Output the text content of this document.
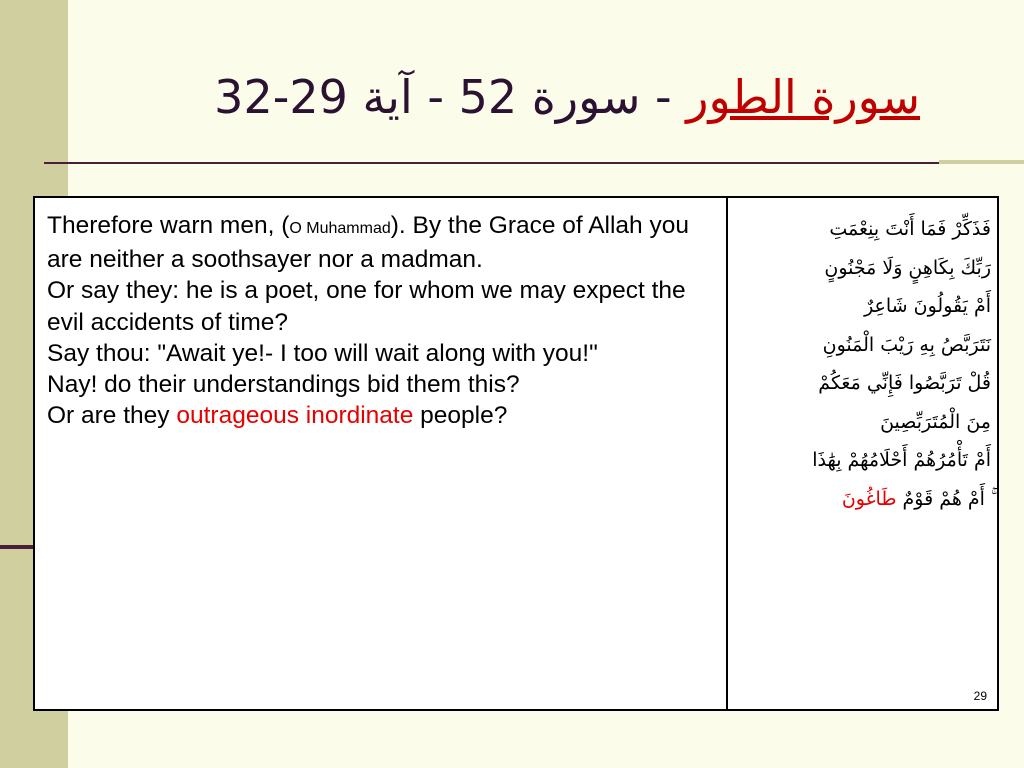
سورة الطور - سورة 52 - آية 29-32

Therefore warn men, (O Muhammad). By the Grace of Allah you are neither a soothsayer nor a madman.

Or say they: he is a poet, one for whom we may expect the evil accidents of time?

Say thou: "Await ye!- I too will wait along with you!"

Nay! do their understandings bid them this?

Or are they outrageous inordinate people?

فَذَكِّرْ فَمَا أَنْتَ بِنِعْمَتِ
رَبِّكَ بِكَاهِنٍ وَلَا مَجْنُونٍ
أَمْ يَقُولُونَ شَاعِرٌ
نَتَرَبَّصُ بِهِ رَيْبَ الْمَنُونِ
قُلْ تَرَبَّصُوا فَإِنِّي مَعَكُمْ
مِنَ الْمُتَرَبِّصِينَ
أَمْ تَأْمُرُهُمْ أَحْلَامُهُمْ بِهَٰذَا
ۚ أَمْ هُمْ قَوْمٌ طَاغُونَ
29
